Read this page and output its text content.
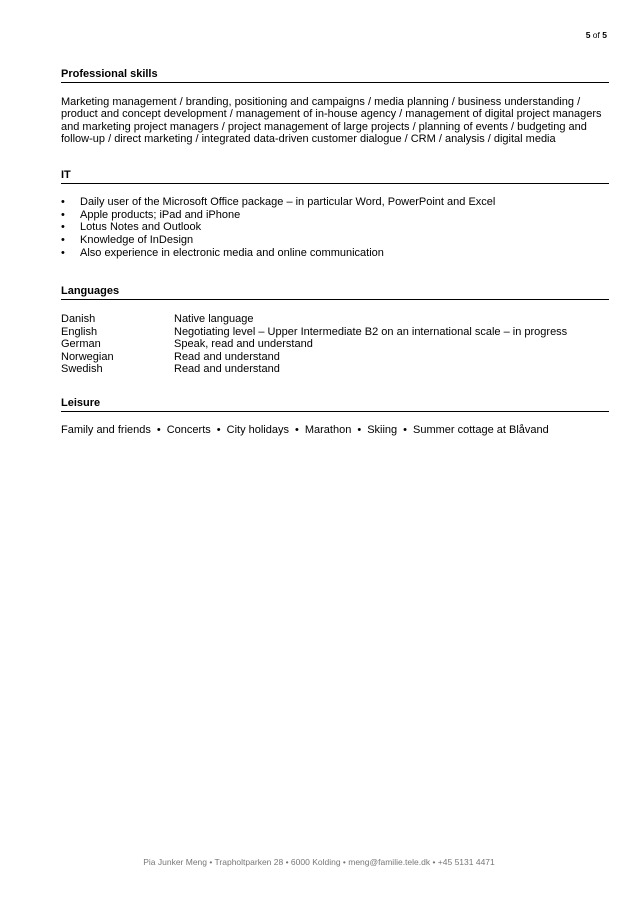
5 of 5
Professional skills
Marketing management / branding, positioning and campaigns / media planning / business understanding / product and concept development / management of in-house agency / management of digital project managers and marketing project managers / project management of large projects / planning of events / budgeting and follow-up / direct marketing / integrated data-driven customer dialogue / CRM / analysis / digital media
IT
• Daily user of the Microsoft Office package – in particular Word, PowerPoint and Excel
• Apple products; iPad and iPhone
• Lotus Notes and Outlook
• Knowledge of InDesign
• Also experience in electronic media and online communication
Languages
Danish	Native language
English	Negotiating level – Upper Intermediate B2 on an international scale – in progress
German	Speak, read and understand
Norwegian	Read and understand
Swedish	Read and understand
Leisure
Family and friends • Concerts • City holidays • Marathon • Skiing • Summer cottage at Blåvand
Pia Junker Meng • Trapholtparken 28 • 6000 Kolding • meng@familie.tele.dk • +45 5131 4471
